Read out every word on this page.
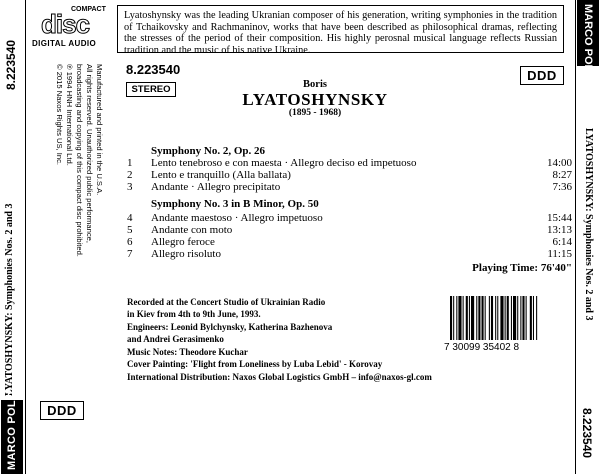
8.223540
LYATOSHYNSKY: Symphonies Nos. 2 and 3
MARCO POLO
MARCO POLO
LYATOSHYNSKY: Symphonies Nos. 2 and 3
8.223540
COMPACT
disc
DIGITAL AUDIO
Manufactured and printed in the U.S.A.
All rights reserved. Unauthorized public performance,
broadcasting and copying of this compact disc prohibited.
℗ 1994 HNH International Ltd.
© 2015 Naxos Rights US, Inc.
DDD
Lyatoshynsky was the leading Ukranian composer of his generation, writing symphonies in the tradition of Tchaikovsky and Rachmaninov, works that have been described as philosophical dramas, reflecting the stresses of the period of their composition. His highly perosnal musical language reflects Russian tradition and the music of his native Ukraine.
8.223540
STEREO
DDD
Boris
LYATOSHYNSKY
(1895 - 1968)
Symphony No. 2, Op. 26
1 Lento tenebroso e con maesta · Allegro deciso ed impetuoso	14:00
2 Lento e tranquillo (Alla ballata)	8:27
3 Andante · Allegro precipitato	7:36
Symphony No. 3 in B Minor, Op. 50
4 Andante maestoso · Allegro impetuoso	15:44
5 Andante con moto	13:13
6 Allegro feroce	6:14
7 Allegro risoluto	11:15
Playing Time: 76'40"
Recorded at the Concert Studio of Ukrainian Radio
in Kiev from 4th to 9th June, 1993.
Engineers: Leonid Bylchynsky, Katherina Bazhenova
and Andrei Gerasimenko
Music Notes: Theodore Kuchar
Cover Painting: 'Flight from Loneliness by Luba Lebid' - Korovay
7 30099 35402 8
International Distribution: Naxos Global Logistics GmbH – info@naxos-gl.com
